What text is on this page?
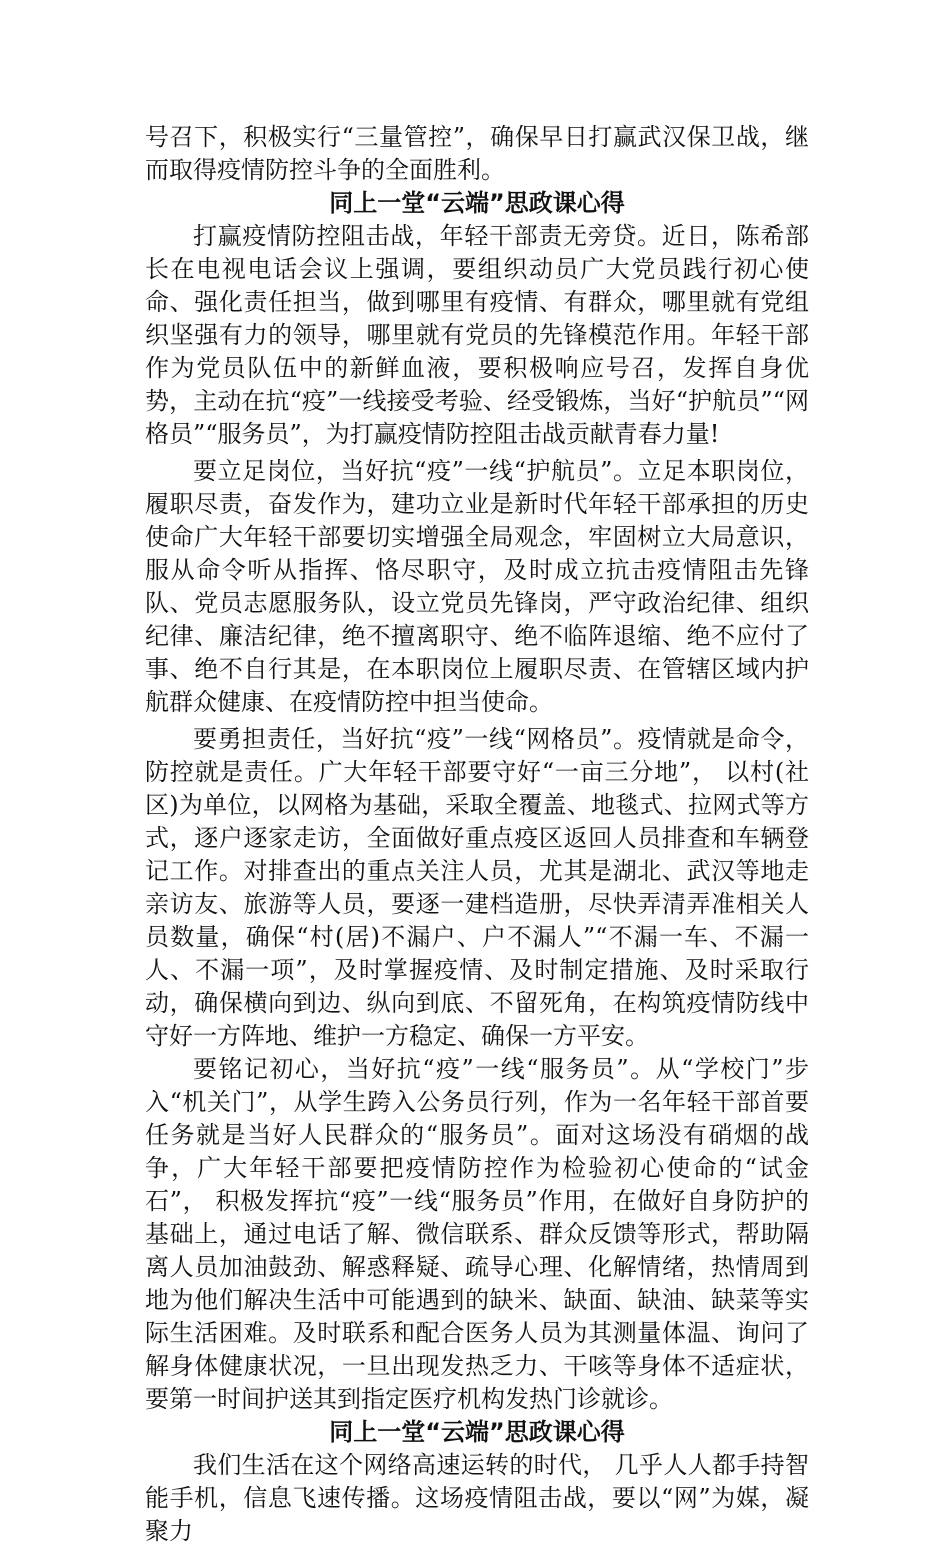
号召下，积极实行“三量管控”，确保早日打赢武汉保卫战，继而取得疫情防控斗争的全面胜利。

同上一堂“云端”思政课心得

打赢疫情防控阻击战，年轻干部责无旁贷。近日，陈希部长在电视电话会议上强调，要组织动员广大党员践行初心使命、强化责任担当，做到哪里有疫情、有群众，哪里就有党组织坚强有力的领导，哪里就有党员的先锋模范作用。年轻干部作为党员队伍中的新鲜血液，要积极响应号召，发挥自身优势，主动在抗“疫”一线接受考验、经受锻炼，当好“护航员”“网格员”“服务员”，为打赢疫情防控阻击战贡献青春力量!

要立足岗位，当好抗“疫”一线“护航员”。立足本职岗位，履职尽责，奋发作为，建功立业是新时代年轻干部承担的历史使命广大年轻干部要切实增强全局观念，牢固树立大局意识，服从命令听从指挥、恪尽职守，及时成立抗击疫情阻击先锋队、党员志愿服务队，设立党员先锋岗，严守政治纪律、组织纪律、廉洁纪律，绝不擅离职守、绝不临阵退缩、绝不应付了事、绝不自行其是，在本职岗位上履职尽责、在管辖区域内护航群众健康、在疫情防控中担当使命。

要勇担责任，当好抗“疫”一线“网格员”。疫情就是命令，防控就是责任。广大年轻干部要守好“一亩三分地”， 以村(社区)为单位，以网格为基础，采取全覆盖、地毯式、拉网式等方式，逐户逐家走访，全面做好重点疫区返回人员排查和车辆登记工作。对排查出的重点关注人员，尤其是湖北、武汉等地走亲访友、旅游等人员，要逐一建档造册，尽快弄清弄准相关人员数量，确保“村(居)不漏户、户不漏人”“不漏一车、不漏一人、不漏一项”，及时掌握疫情、及时制定措施、及时采取行动，确保横向到边、纵向到底、不留死角，在构筑疫情防线中守好一方阵地、维护一方稳定、确保一方平安。

要铭记初心，当好抗“疫”一线“服务员”。从“学校门”步入“机关门”，从学生跨入公务员行列，作为一名年轻干部首要任务就是当好人民群众的“服务员”。面对这场没有硝烟的战争，广大年轻干部要把疫情防控作为检验初心使命的“试金石”， 积极发挥抗“疫”一线“服务员”作用，在做好自身防护的基础上，通过电话了解、微信联系、群众反馈等形式，帮助隔离人员加油鼓劲、解惑释疑、疏导心理、化解情绪，热情周到地为他们解决生活中可能遇到的缺米、缺面、缺油、缺菜等实际生活困难。及时联系和配合医务人员为其测量体温、询问了解身体健康状况，一旦出现发热乏力、干咳等身体不适症状，要第一时间护送其到指定医疗机构发热门诊就诊。

同上一堂“云端”思政课心得

我们生活在这个网络高速运转的时代， 几乎人人都手持智能手机，信息飞速传播。这场疫情阻击战，要以“网”为媒，凝聚力
